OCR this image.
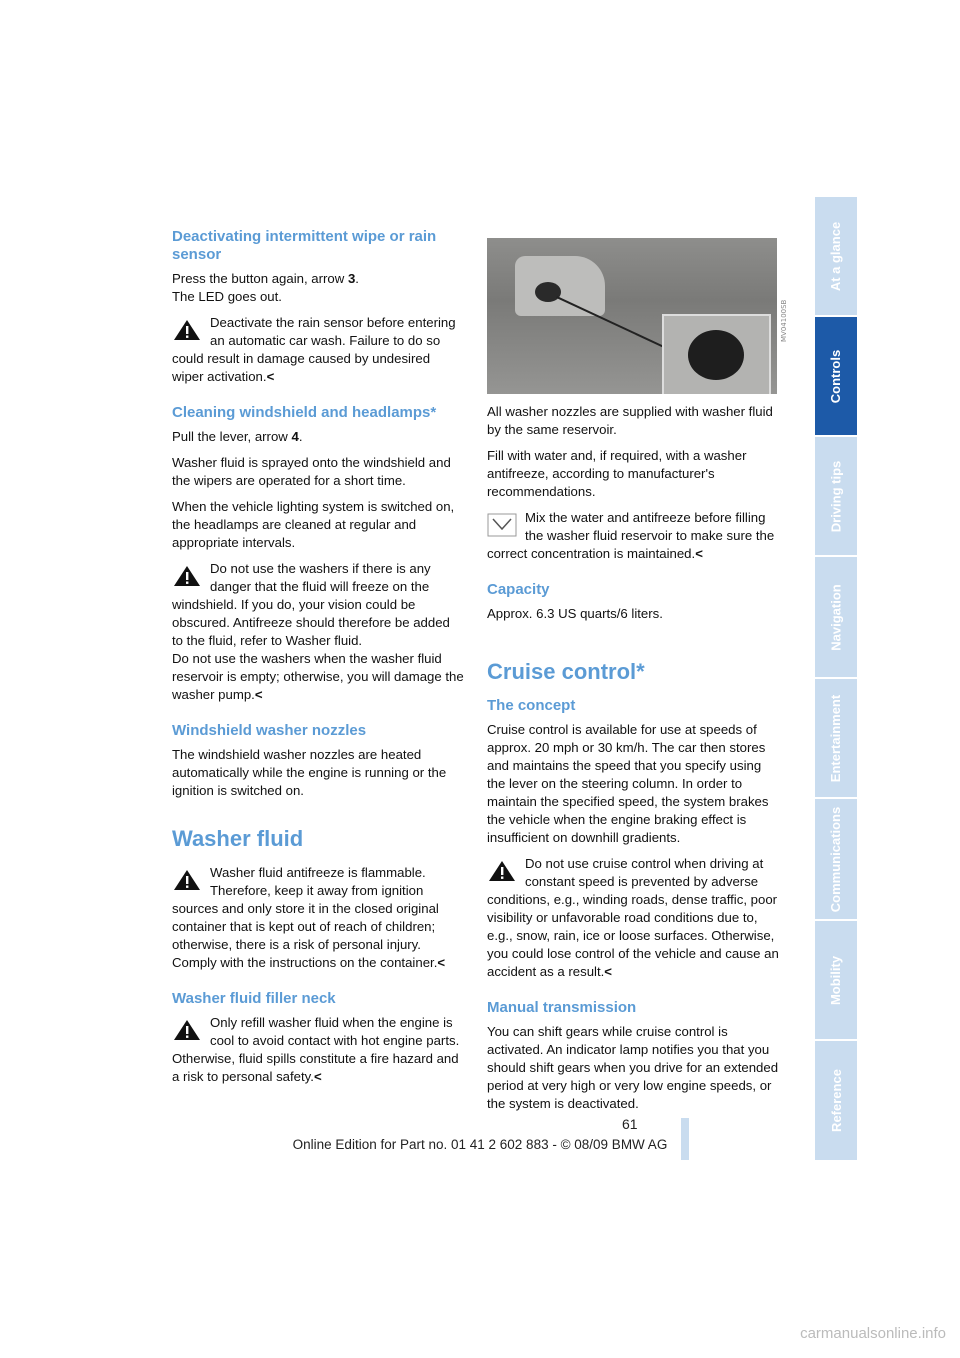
Deactivating intermittent wipe or rain sensor

Press the button again, arrow 3.
The LED goes out.

Deactivate the rain sensor before entering an automatic car wash. Failure to do so could result in damage caused by undesired wiper activation.<
Cleaning windshield and headlamps*

Pull the lever, arrow 4.

Washer fluid is sprayed onto the windshield and the wipers are operated for a short time.

When the vehicle lighting system is switched on, the headlamps are cleaned at regular and appropriate intervals.

Do not use the washers if there is any danger that the fluid will freeze on the windshield. If you do, your vision could be obscured. Antifreeze should therefore be added to the fluid, refer to Washer fluid.
Do not use the washers when the washer fluid reservoir is empty; otherwise, you will damage the washer pump.<
Windshield washer nozzles

The windshield washer nozzles are heated automatically while the engine is running or the ignition is switched on.

Washer fluid
Washer fluid antifreeze is flammable. Therefore, keep it away from ignition sources and only store it in the closed original container that is kept out of reach of children; otherwise, there is a risk of personal injury. Comply with the instructions on the container.<
Washer fluid filler neck
Only refill washer fluid when the engine is cool to avoid contact with hot engine parts. Otherwise, fluid spills constitute a fire hazard and a risk to personal safety.<
MV04100SB

All washer nozzles are supplied with washer fluid by the same reservoir.

Fill with water and, if required, with a washer antifreeze, according to manufacturer's recommendations.

Mix the water and antifreeze before filling the washer fluid reservoir to make sure the correct concentration is maintained.<
Capacity

Approx. 6.3 US quarts/6 liters.

Cruise control*
The concept

Cruise control is available for use at speeds of approx. 20 mph or 30 km/h. The car then stores and maintains the speed that you specify using the lever on the steering column. In order to maintain the specified speed, the system brakes the vehicle when the engine braking effect is insufficient on downhill gradients.

Do not use cruise control when driving at constant speed is prevented by adverse conditions, e.g., winding roads, dense traffic, poor visibility or unfavorable road conditions due to, e.g., snow, rain, ice or loose surfaces. Otherwise, you could lose control of the vehicle and cause an accident as a result.<
Manual transmission

You can shift gears while cruise control is activated. An indicator lamp notifies you that you should shift gears when you drive for an extended period at very high or very low engine speeds, or the system is deactivated.

At a glance
Controls
Driving tips
Navigation
Entertainment
Communications
Mobility
Reference
61
Online Edition for Part no. 01 41 2 602 883 - © 08/09 BMW AG
carmanualsonline.info
